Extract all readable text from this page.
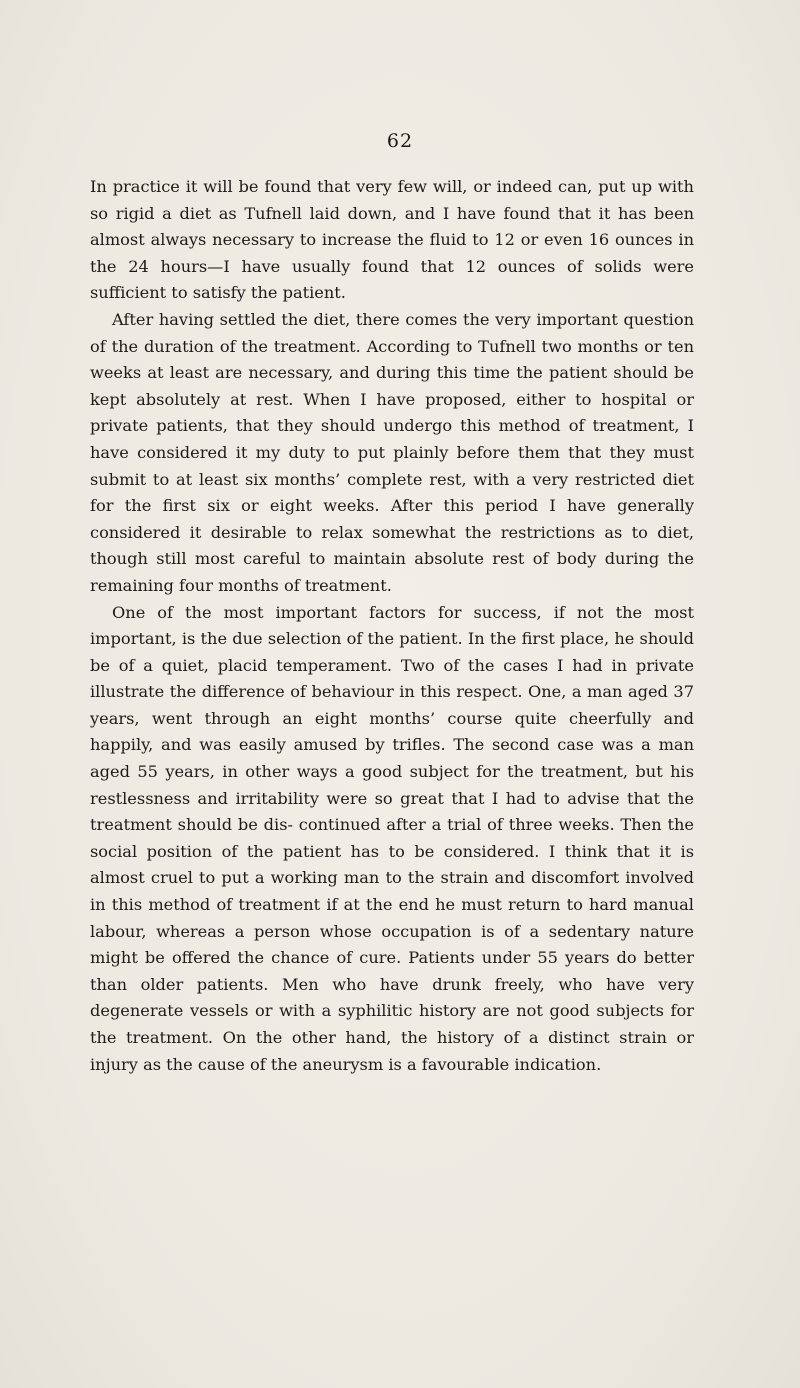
62

In practice it will be found that very few will, or indeed can, put up with so rigid a diet as Tufnell laid down, and I have found that it has been almost always necessary to increase the fluid to 12 or even 16 ounces in the 24 hours—I have usually found that 12 ounces of solids were sufficient to satisfy the patient.

After having settled the diet, there comes the very important question of the duration of the treatment. According to Tufnell two months or ten weeks at least are necessary, and during this time the patient should be kept absolutely at rest. When I have proposed, either to hospital or private patients, that they should undergo this method of treatment, I have considered it my duty to put plainly before them that they must submit to at least six months’ complete rest, with a very restricted diet for the first six or eight weeks. After this period I have generally considered it desirable to relax somewhat the restrictions as to diet, though still most careful to maintain absolute rest of body during the remaining four months of treatment.

One of the most important factors for success, if not the most important, is the due selection of the patient. In the first place, he should be of a quiet, placid temperament. Two of the cases I had in private illustrate the difference of behaviour in this respect. One, a man aged 37 years, went through an eight months’ course quite cheerfully and happily, and was easily amused by trifles. The second case was a man aged 55 years, in other ways a good subject for the treatment, but his restlessness and irritability were so great that I had to advise that the treatment should be dis- continued after a trial of three weeks. Then the social position of the patient has to be considered. I think that it is almost cruel to put a working man to the strain and discomfort involved in this method of treatment if at the end he must return to hard manual labour, whereas a person whose occupation is of a sedentary nature might be offered the chance of cure. Patients under 55 years do better than older patients. Men who have drunk freely, who have very degenerate vessels or with a syphilitic history are not good subjects for the treatment. On the other hand, the history of a distinct strain or injury as the cause of the aneurysm is a favourable indication.
